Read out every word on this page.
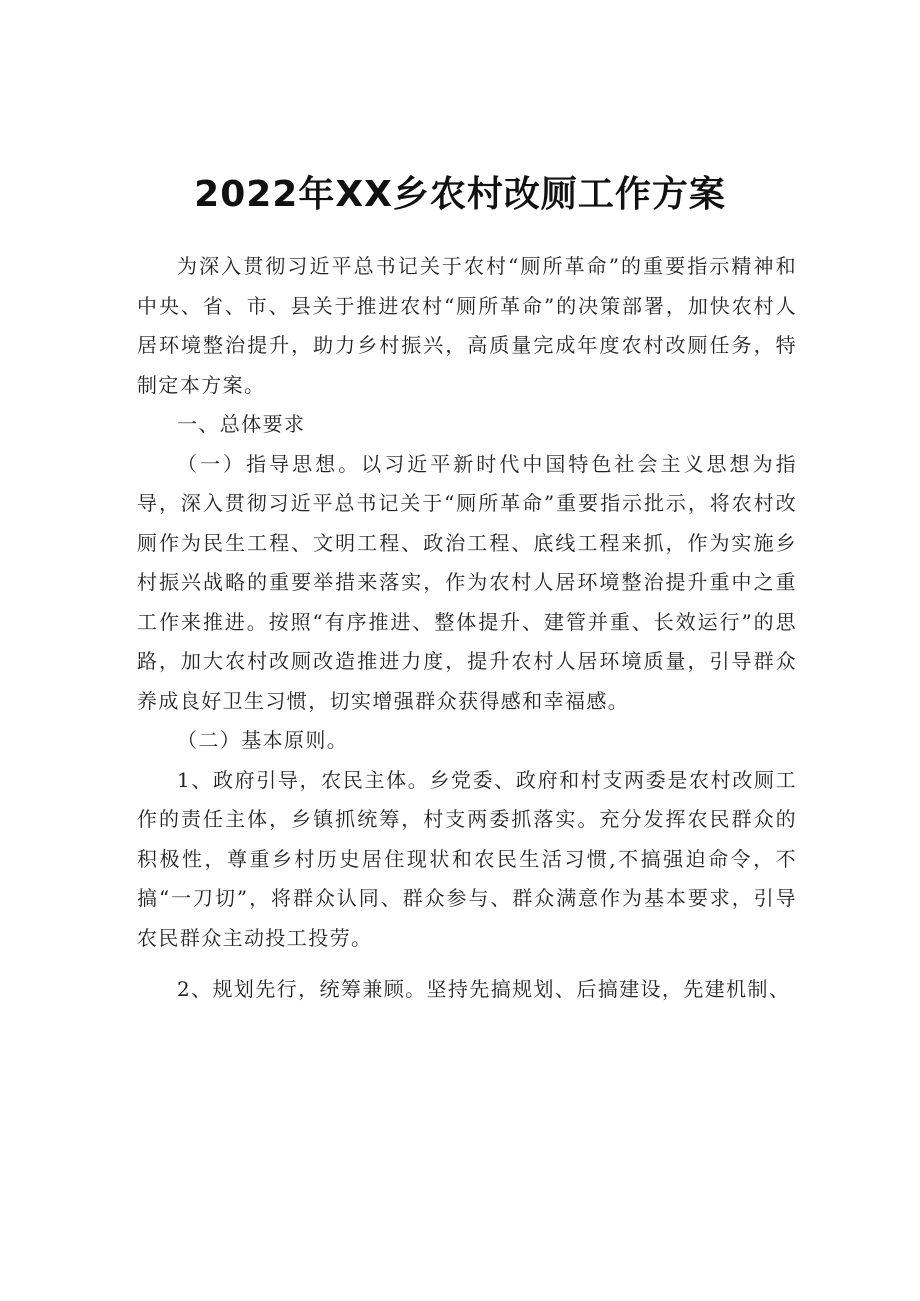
2022年XX乡农村改厕工作方案

为深入贯彻习近平总书记关于农村“厕所革命”的重要指示精神和中央、省、市、县关于推进农村“厕所革命”的决策部署，加快农村人居环境整治提升，助力乡村振兴，高质量完成年度农村改厕任务，特制定本方案。

一、总体要求

（一）指导思想。以习近平新时代中国特色社会主义思想为指导，深入贯彻习近平总书记关于“厕所革命”重要指示批示，将农村改厕作为民生工程、文明工程、政治工程、底线工程来抓，作为实施乡村振兴战略的重要举措来落实，作为农村人居环境整治提升重中之重工作来推进。按照“有序推进、整体提升、建管并重、长效运行”的思路，加大农村改厕改造推进力度，提升农村人居环境质量，引导群众养成良好卫生习惯，切实增强群众获得感和幸福感。

（二）基本原则。

1、政府引导，农民主体。乡党委、政府和村支两委是农村改厕工作的责任主体，乡镇抓统筹，村支两委抓落实。充分发挥农民群众的积极性，尊重乡村历史居住现状和农民生活习惯,不搞强迫命令，不搞“一刀切”，将群众认同、群众参与、群众满意作为基本要求，引导农民群众主动投工投劳。

2、规划先行，统筹兼顾。坚持先搞规划、后搞建设，先建机制、
